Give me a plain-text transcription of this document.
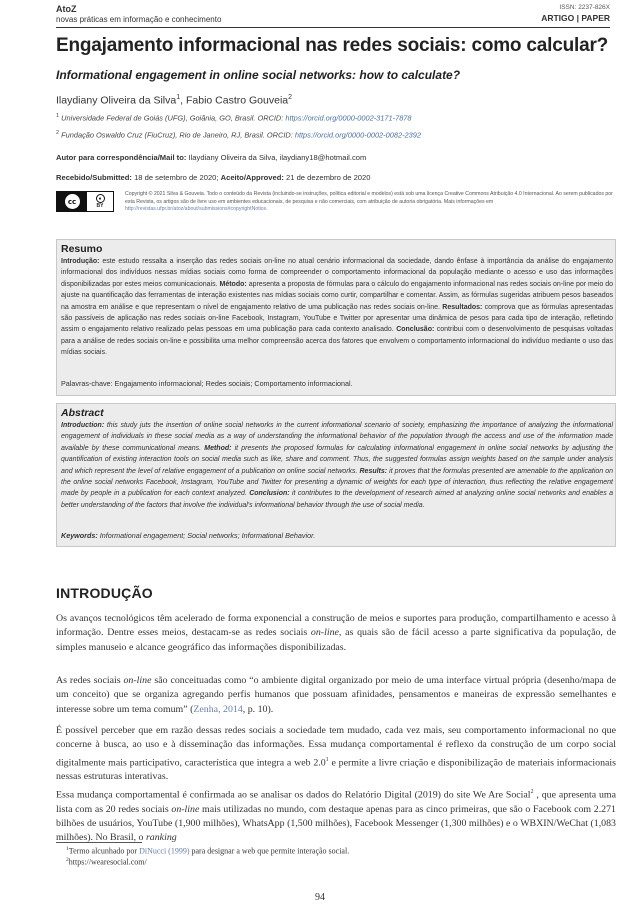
AtoZ
novas práticas em informação e conhecimento
ISSN: 2237-826X
ARTIGO | PAPER
Engajamento informacional nas redes sociais: como calcular?
Informational engagement in online social networks: how to calculate?
Ilaydiany Oliveira da Silva$^1$, Fabio Castro Gouveia$^2$
$^1$ Universidade Federal de Goiás (UFG), Goiânia, GO, Brasil. ORCID: https://orcid.org/0000-0002-3171-7878
$^2$ Fundação Oswaldo Cruz (FiuCruz), Rio de Janeiro, RJ, Brasil. ORCID: https://orcid.org/0000-0002-0082-2392
Autor para correspondência/Mail to: Ilaydiany Oliveira da Silva, ilaydiany18@hotmail.com
Recebido/Submitted: 18 de setembro de 2020; Aceito/Approved: 21 de dezembro de 2020
cc	●
BY
Copyright © 2021 Silva & Gouveia. Todo o conteúdo da Revista (incluindo-se instruções, política editorial e modelos) está sob uma licença Creative Commons Atribuição 4.0 Internacional. Ao serem publicados por esta Revista, os artigos são de livre uso em ambientes educacionais, de pesquisa e não comerciais, com atribuição de autoria obrigatória. Mais informações em http://revistas.ufpr.br/atoz/about/submissions#copyrightNotice.
Resumo
Introdução: este estudo ressalta a inserção das redes sociais on-line no atual cenário informacional da sociedade, dando ênfase à importância da análise do engajamento informacional dos indivíduos nessas mídias sociais como forma de compreender o comportamento informacional da população mediante o acesso e uso das informações disponibilizadas por estes meios comunicacionais. Método: apresenta a proposta de fórmulas para o cálculo do engajamento informacional nas redes sociais on-line por meio do ajuste na quantificação das ferramentas de interação existentes nas mídias sociais como curtir, compartilhar e comentar. Assim, as fórmulas sugeridas atribuem pesos baseados na amostra em análise e que representam o nível de engajamento relativo de uma publicação nas redes sociais on-line. Resultados: comprova que as fórmulas apresentadas são passíveis de aplicação nas redes sociais on-line Facebook, Instagram, YouTube e Twitter por apresentar uma dinâmica de pesos para cada tipo de interação, refletindo assim o engajamento relativo realizado pelas pessoas em uma publicação para cada contexto analisado. Conclusão: contribui com o desenvolvimento de pesquisas voltadas para a análise de redes sociais on-line e possibilita uma melhor compreensão acerca dos fatores que envolvem o comportamento informacional do indivíduo mediante o uso das mídias sociais.
Palavras-chave: Engajamento informacional; Redes sociais; Comportamento informacional.
Abstract
Introduction: this study juts the insertion of online social networks in the current informational scenario of society, emphasizing the importance of analyzing the informational engagement of individuals in these social media as a way of understanding the informational behavior of the population through the access and use of the information made available by these communicational means. Method: it presents the proposed formulas for calculating informational engagement in online social networks by adjusting the quantification of existing interaction tools on social media such as like, share and comment. Thus, the suggested formulas assign weights based on the sample under analysis and which represent the level of relative engagement of a publication on online social networks. Results: it proves that the formulas presented are amenable to the application on the online social networks Facebook, Instagram, YouTube and Twitter for presenting a dynamic of weights for each type of interaction, thus reflecting the relative engagement made by people in a publication for each context analyzed. Conclusion: it contributes to the development of research aimed at analyzing online social networks and enables a better understanding of the factors that involve the individual's informational behavior through the use of social media.
Keywords: Informational engagement; Social networks; Informational Behavior.
INTRODUÇÃO
Os avanços tecnológicos têm acelerado de forma exponencial a construção de meios e suportes para produção, compartilhamento e acesso à informação. Dentre esses meios, destacam-se as redes sociais on-line, as quais são de fácil acesso a parte significativa da população, de simples manuseio e alcance geográfico das informações disponibilizadas.
As redes sociais on-line são conceituadas como “o ambiente digital organizado por meio de uma interface virtual própria (desenho/mapa de um conceito) que se organiza agregando perfis humanos que possuam afinidades, pensamentos e maneiras de expressão semelhantes e interesse sobre um tema comum” (Zenha, 2014, p. 10).
É possível perceber que em razão dessas redes sociais a sociedade tem mudado, cada vez mais, seu comportamento informacional no que concerne à busca, ao uso e à disseminação das informações. Essa mudança comportamental é reflexo da construção de um corpo social digitalmente mais participativo, característica que integra a web $2.0^1$ e permite a livre criação e disponibilização de materiais informacionais nessas estruturas interativas.
Essa mudança comportamental é confirmada ao se analisar os dados do Relatório Digital (2019) do site We Are Social$^2$ , que apresenta uma lista com as 20 redes sociais on-line mais utilizadas no mundo, com destaque apenas para as cinco primeiras, que são o Facebook com 2.271 bilhões de usuários, YouTube (1,900 milhões), WhatsApp (1,500 milhões), Facebook Messenger (1,300 milhões) e o WBXIN/WeChat (1,083 milhões). No Brasil, o ranking
$^1$Termo alcunhado por DiNucci (1999) para designar a web que permite interação social.
$^2$https://wearesocial.com/
94
